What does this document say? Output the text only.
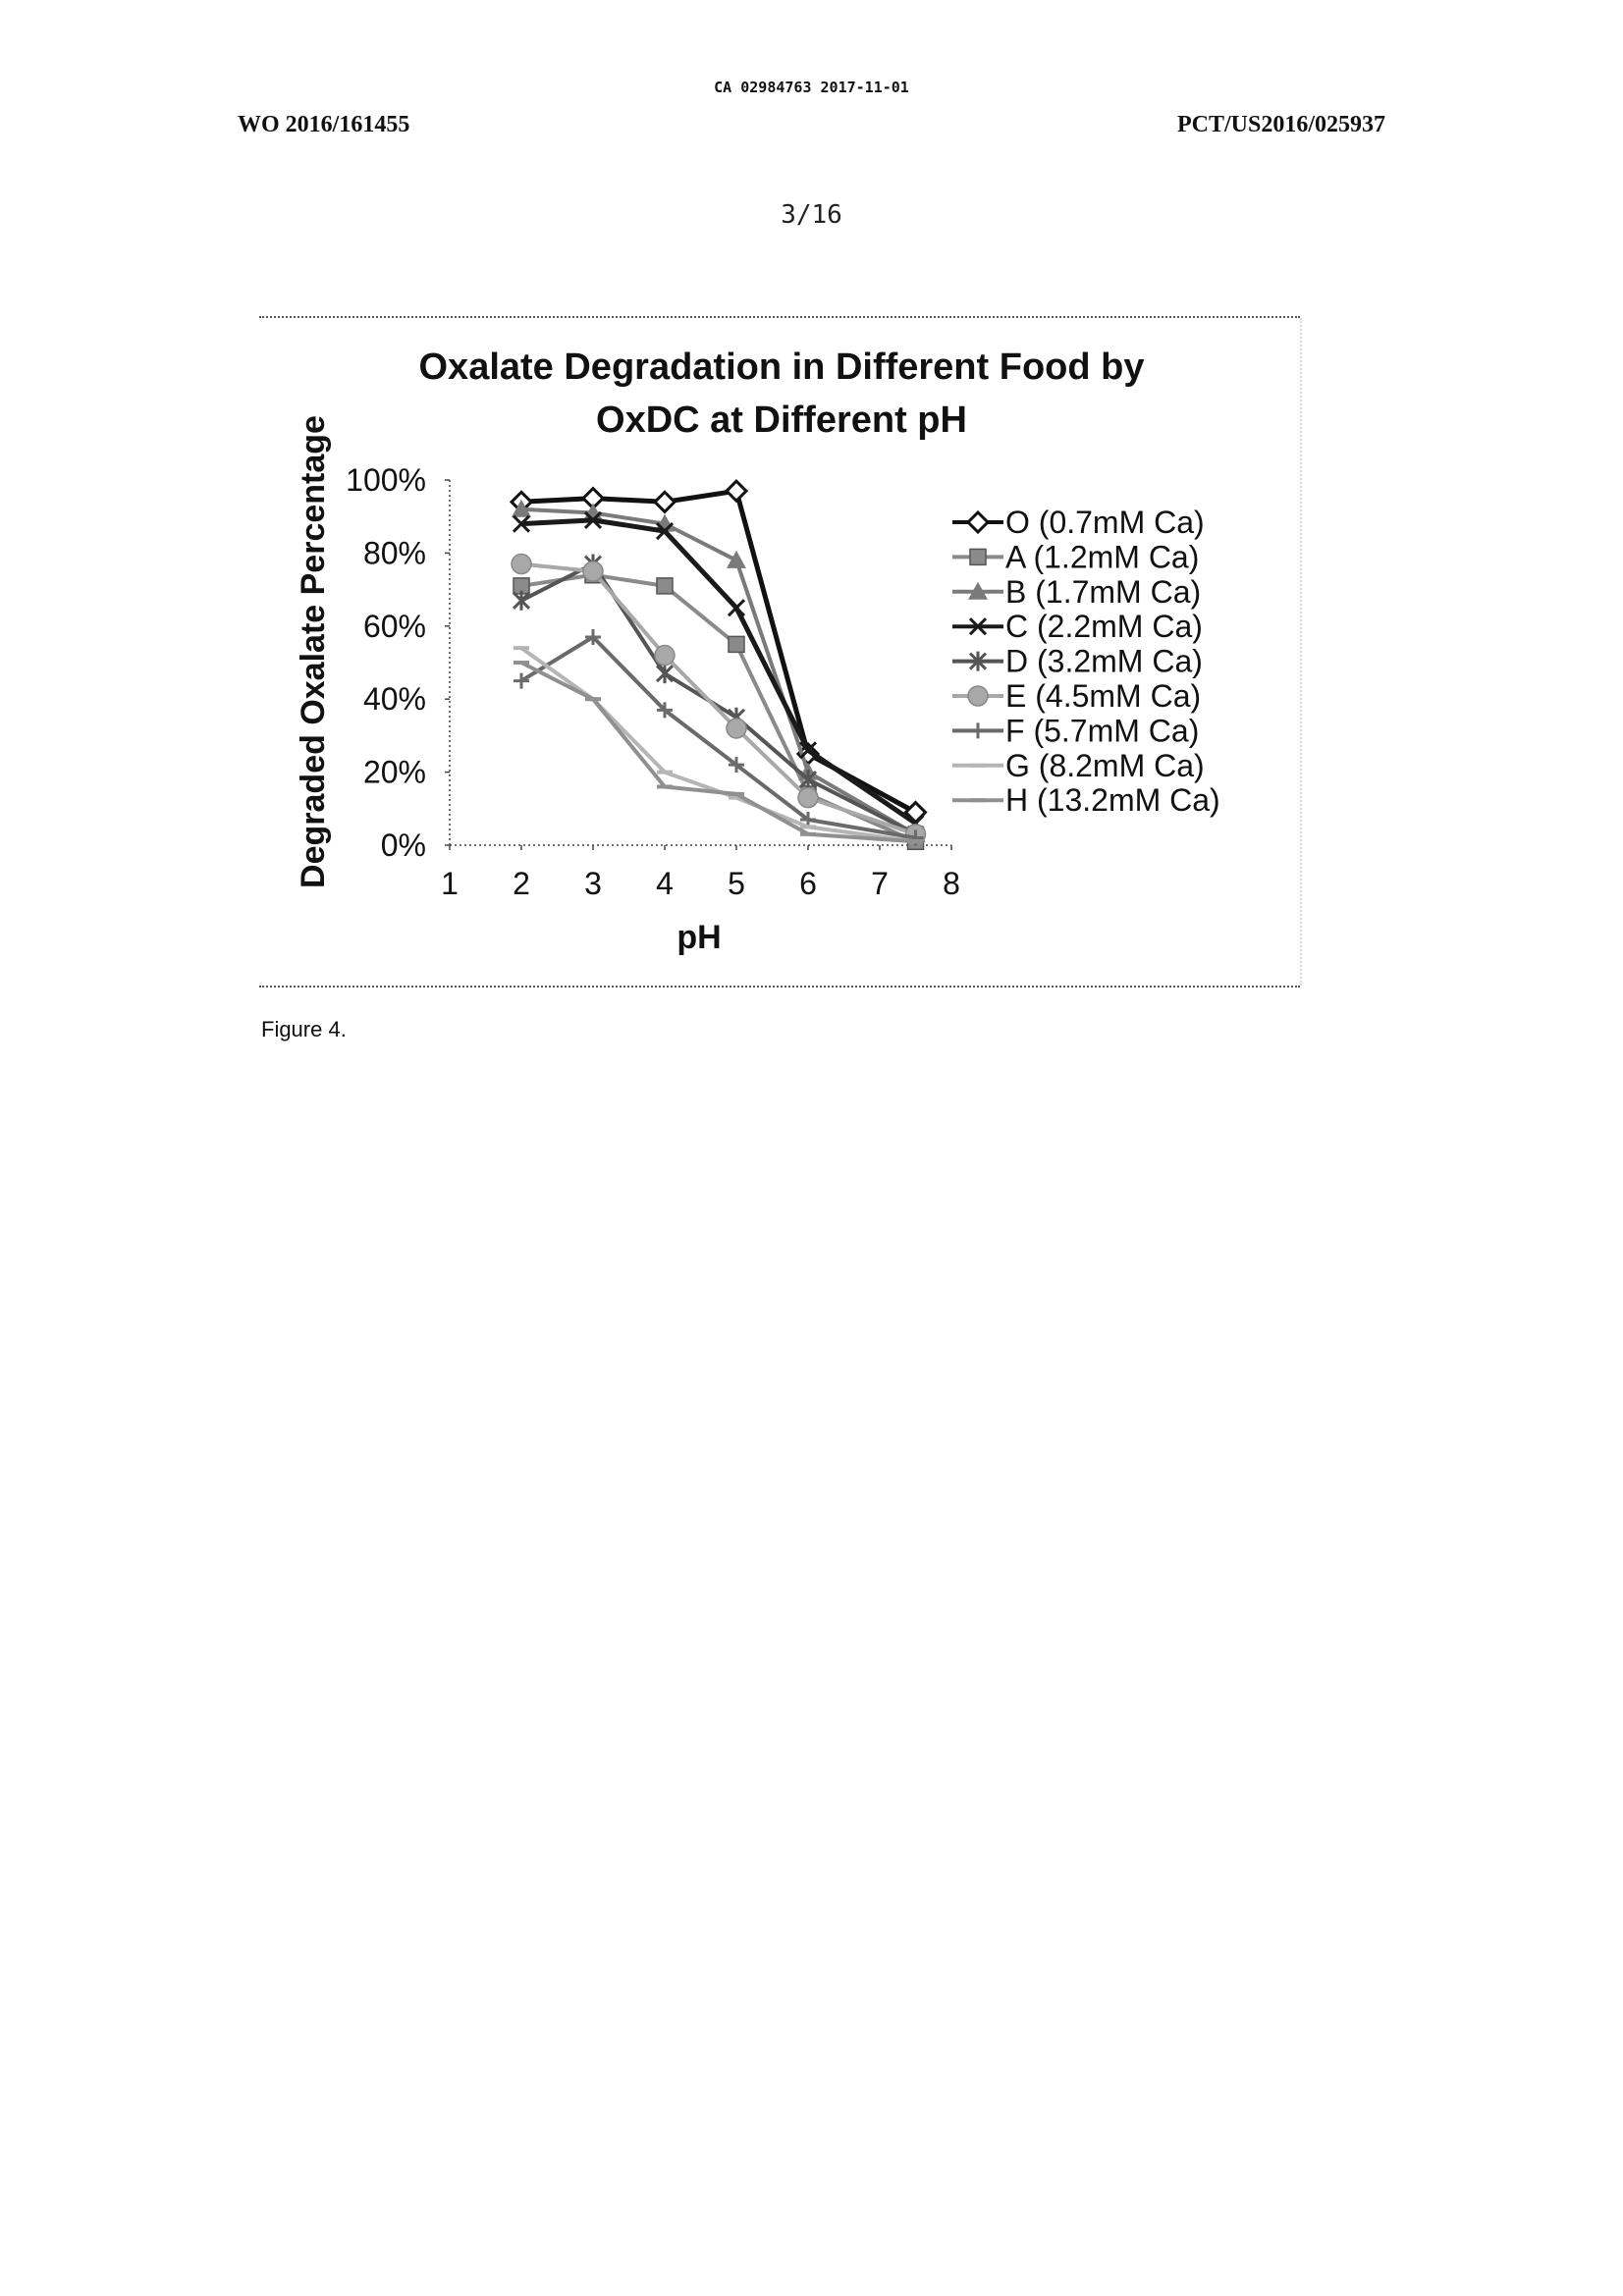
CA 02984763 2017-11-01
WO 2016/161455	PCT/US2016/025937
3/16
Oxalate Degradation in Different Food by
OxDC at Different pH
Degraded Oxalate Percentage
pH
0%
20%
40%
60%
80%
100%
1 2 3 4 5 6 7 8
O (0.7mM Ca)
A (1.2mM Ca)
B (1.7mM Ca)
C (2.2mM Ca)
D (3.2mM Ca)
E (4.5mM Ca)
F (5.7mM Ca)
G (8.2mM Ca)
H (13.2mM Ca)
Figure 4.
